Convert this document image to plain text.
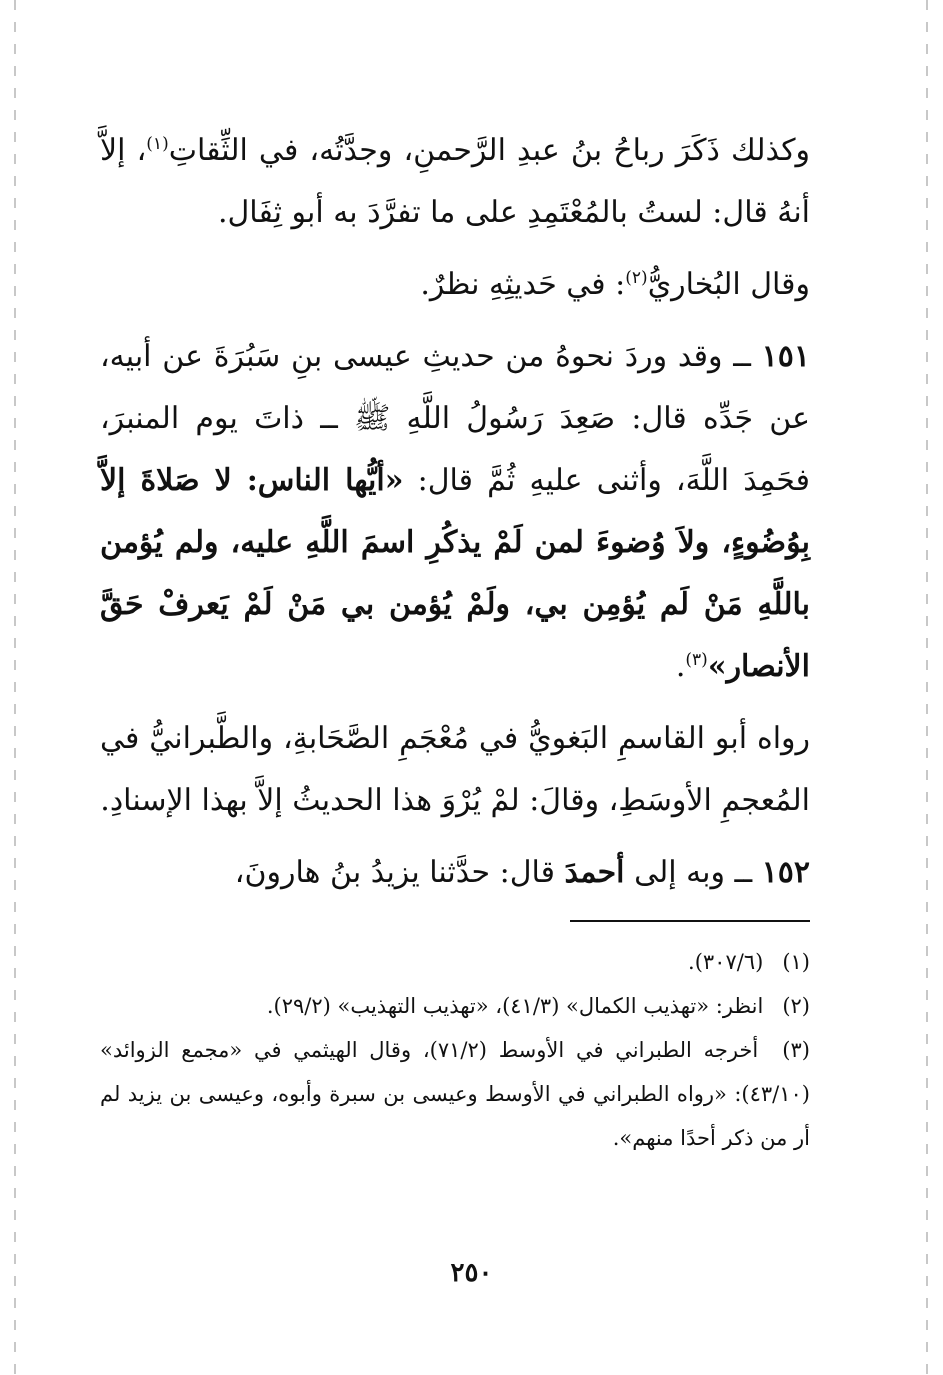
وكذلك ذَكَرَ رباحُ بنُ عبدِ الرَّحمنِ، وجدَّتُه، في الثِّقاتِ$^{(١)}$، إلاَّ أنهُ قال: لستُ بالمُعْتَمِدِ على ما تفرَّدَ به أبو ثِفَال.

وقال البُخاريُّ$^{(٢)}$: في حَديثِهِ نظرٌ.

١٥١ ــ وقد وردَ نحوهُ من حديثِ عيسى بنِ سَبُرَةَ عن أبيه، عن جَدِّه قال: صَعِدَ رَسُولُ اللَّهِ ﷺ ــ ذاتَ يوم المنبرَ، فحَمِدَ اللَّهَ، وأثنى عليهِ ثُمَّ قال: «أيُّها الناس: لا صَلاةَ إلاَّ بِوُضُوءٍ، ولاَ وُضوءَ لمن لَمْ يذكُرِ اسمَ اللَّهِ عليه، ولم يُؤمن باللَّهِ مَنْ لَم يُؤمِن بي، ولَمْ يُؤمن بي مَنْ لَمْ يَعرفْ حَقَّ الأنصار»$^{(٣)}$.

رواه أبو القاسمِ البَغويُّ في مُعْجَمِ الصَّحَابةِ، والطَّبرانيُّ في المُعجمِ الأوسَطِ، وقالَ: لمْ يُرْوَ هذا الحديثُ إلاَّ بهذا الإسنادِ.

١٥٢ ــ وبه إلى أحمدَ قال: حدَّثنا يزيدُ بنُ هارونَ،

(١) (٣٠٧/٦).

(٢) انظر: «تهذيب الكمال» (٤١/٣)، «تهذيب التهذيب» (٢٩/٢).

(٣) أخرجه الطبراني في الأوسط (٧١/٢)، وقال الهيثمي في «مجمع الزوائد» (٤٣/١٠): «رواه الطبراني في الأوسط وعيسى بن سبرة وأبوه، وعيسى بن يزيد لم أر من ذكر أحدًا منهم».

٢٥٠
